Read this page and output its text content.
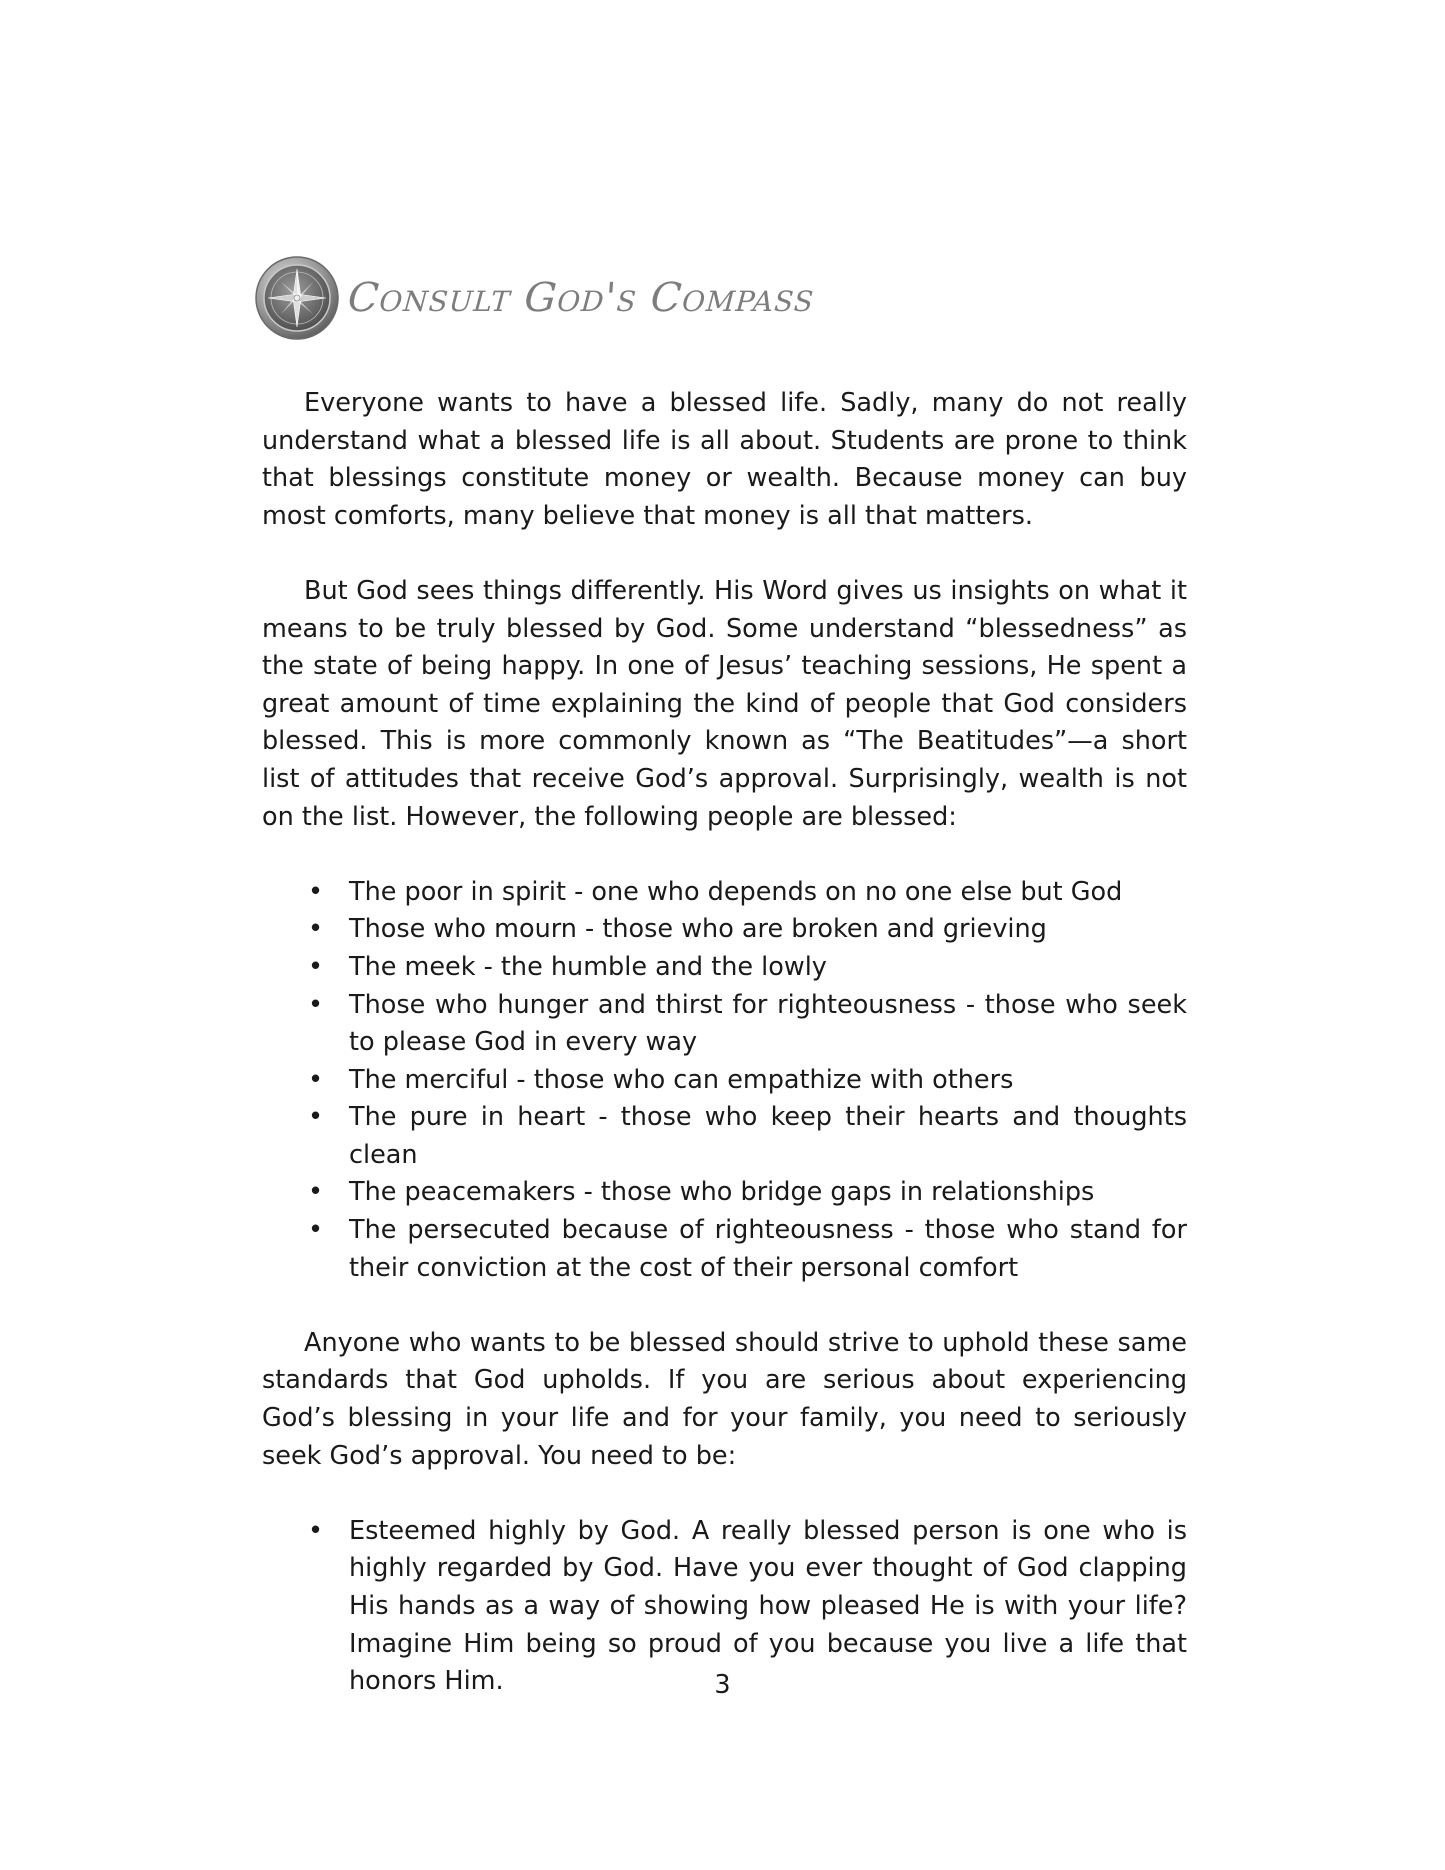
Consult God's Compass

Everyone wants to have a blessed life. Sadly, many do not really understand what a blessed life is all about. Students are prone to think that blessings constitute money or wealth. Because money can buy most comforts, many believe that money is all that matters.

But God sees things differently. His Word gives us insights on what it means to be truly blessed by God. Some understand “blessedness” as the state of being happy. In one of Jesus’ teaching sessions, He spent a great amount of time explaining the kind of people that God considers blessed. This is more commonly known as “The Beatitudes”—a short list of attitudes that receive God’s approval. Surprisingly, wealth is not on the list. However, the following people are blessed:

• The poor in spirit - one who depends on no one else but God
• Those who mourn - those who are broken and grieving
• The meek - the humble and the lowly
• Those who hunger and thirst for righteousness - those who seek to please God in every way
• The merciful - those who can empathize with others
• The pure in heart - those who keep their hearts and thoughts clean
• The peacemakers - those who bridge gaps in relationships
• The persecuted because of righteousness - those who stand for their conviction at the cost of their personal comfort

Anyone who wants to be blessed should strive to uphold these same standards that God upholds. If you are serious about experiencing God’s blessing in your life and for your family, you need to seriously seek God’s approval. You need to be:

• Esteemed highly by God. A really blessed person is one who is highly regarded by God. Have you ever thought of God clapping His hands as a way of showing how pleased He is with your life? Imagine Him being so proud of you because you live a life that honors Him.	3
